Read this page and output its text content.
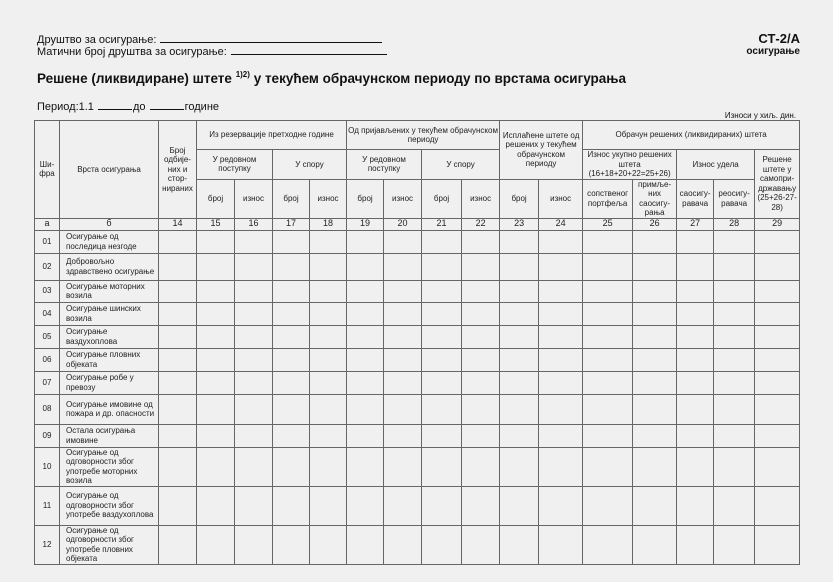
Друштво за осигурање:
Матични број друштва за осигурање:
СТ-2/А
осигурање
Решене (ликвидиране) штете $^{1)2)}$ у текућем обрачунском периоду по врстама осигурања
Период:1.1	до	годинe
Износи у хиљ. дин.
Ши-фра	Врста осигурања	Број одбије-них и стор-нираних	Из резервације претходне године				Од пријављених у текућем обрачунском периоду				Исплаћене штете од решених у текућем обрачунском периоду		Обрачун решених (ликвидираних) штета				
			У редовном поступку		У спору		У редовном поступку		У спору				Износ укупно решених штета (16+18+20+22=25+26)		Износ удела		Решене штете у самопри-државању (25+26-27-28)
			број	износ	број	износ	број	износ	број	износ	број	износ	сопственог портфеља	примље-них саосигу-рања	саосигу-равача	реосигу-равача	
а	б	14	15	16	17	18	19	20	21	22	23	24	25	26	27	28	29
01	Осигурање од последица незгоде																
02	Добровољно здравствено осигурање																
03	Осигурање моторних возила																
04	Осигурање шинских возила																
05	Осигурање ваздухоплова																
06	Осигурање пловних објеката																
07	Осигурање робе у превозу																
08	Осигурање имовине од пожара и др. опасности																
09	Остала осигурања имовине																
10	Осигурање од одговорности због употребе моторних возила																
11	Осигурање од одговорности због употребе ваздухоплова																
12	Осигурање од одговорности због употребе пловних објеката																
